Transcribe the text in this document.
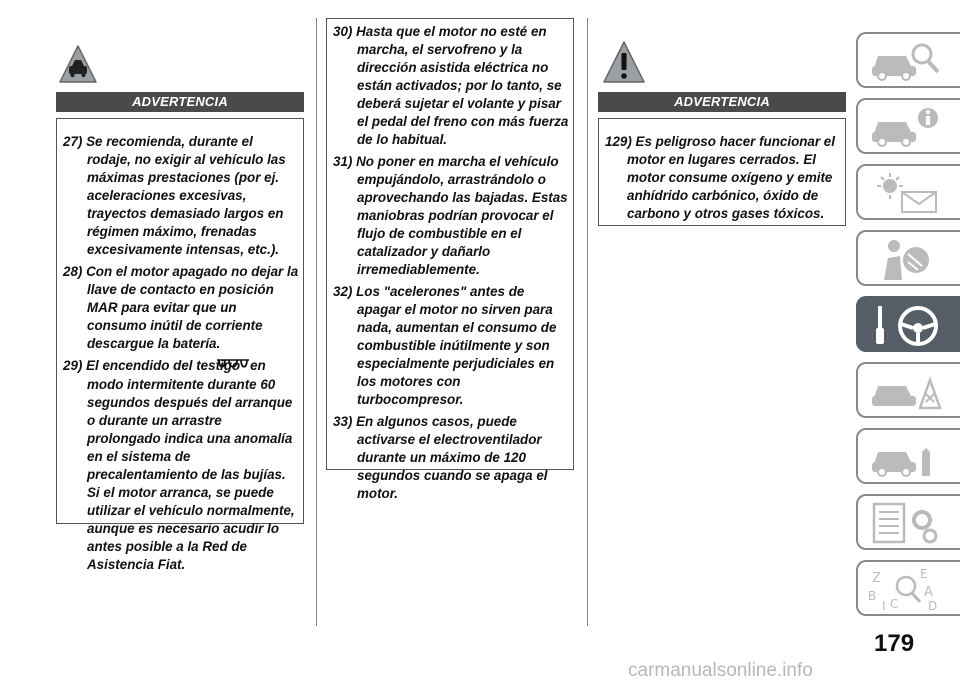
ADVERTENCIA

27) Se recomienda, durante el rodaje, no exigir al vehículo las máximas prestaciones (por ej. aceleraciones excesivas, trayectos demasiado largos en régimen máximo, frenadas excesivamente intensas, etc.).

28) Con el motor apagado no dejar la llave de contacto en posición MAR para evitar que un consumo inútil de corriente descargue la batería.

29) El encendido del testigo en modo intermitente durante 60 segundos después del arranque o durante un arrastre prolongado indica una anomalía en el sistema de precalentamiento de las bujías. Si el motor arranca, se puede utilizar el vehículo normalmente, aunque es necesario acudir lo antes posible a la Red de Asistencia Fiat.

30) Hasta que el motor no esté en marcha, el servofreno y la dirección asistida eléctrica no están activados; por lo tanto, se deberá sujetar el volante y pisar el pedal del freno con más fuerza de lo habitual.

31) No poner en marcha el vehículo empujándolo, arrastrándolo o aprovechando las bajadas. Estas maniobras podrían provocar el flujo de combustible en el catalizador y dañarlo irremediablemente.

32) Los "acelerones" antes de apagar el motor no sirven para nada, aumentan el consumo de combustible inútilmente y son especialmente perjudiciales en los motores con turbocompresor.

33) En algunos casos, puede activarse el electroventilador durante un máximo de 120 segundos cuando se apaga el motor.

ADVERTENCIA

129) Es peligroso hacer funcionar el motor en lugares cerrados. El motor consume oxígeno y emite anhídrido carbónico, óxido de carbono y otros gases tóxicos.

Z	E
B	A
D
I C
179
carmanualsonline.info
